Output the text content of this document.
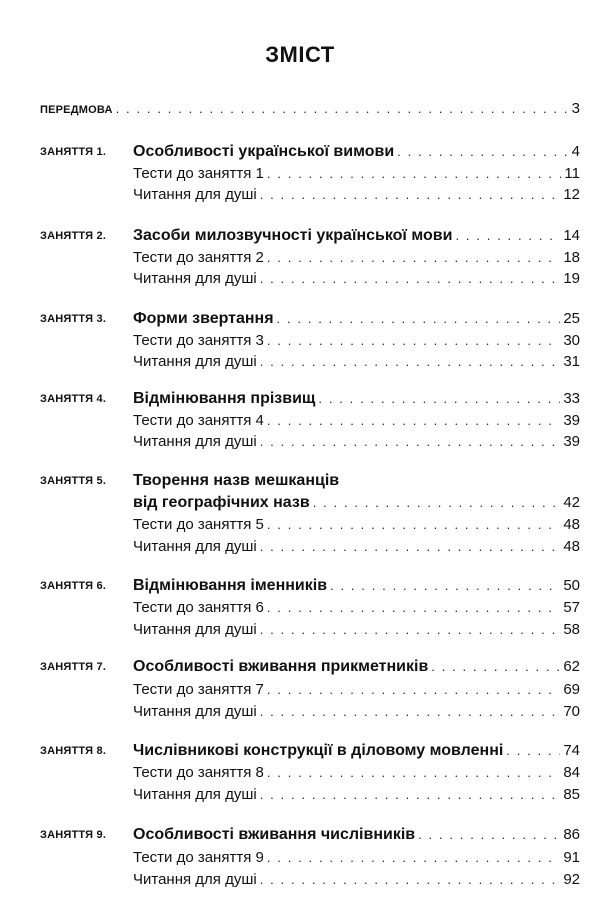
ЗМІСТ
ПЕРЕДМОВА . . .	3
ЗАНЯТТЯ 1. Особливості української вимови . . .	4
Тести до заняття 1 . . .	11
Читання для душі . . .	12
ЗАНЯТТЯ 2. Засоби милозвучності української мови . . .	14
Тести до заняття 2 . . .	18
Читання для душі . . .	19
ЗАНЯТТЯ 3. Форми звертання . . .	25
Тести до заняття 3 . . .	30
Читання для душі . . .	31
ЗАНЯТТЯ 4. Відмінювання прізвищ . . .	33
Тести до заняття 4 . . .	39
Читання для душі . . .	39
ЗАНЯТТЯ 5. Творення назв мешканців
від географічних назв . . .	42
Тести до заняття 5 . . .	48
Читання для душі . . .	48
ЗАНЯТТЯ 6. Відмінювання іменників . . .	50
Тести до заняття 6 . . .	57
Читання для душі . . .	58
ЗАНЯТТЯ 7. Особливості вживання прикметників . . .	62
Тести до заняття 7 . . .	69
Читання для душі . . .	70
ЗАНЯТТЯ 8. Числівникові конструкції в діловому мовленні . . .	74
Тести до заняття 8 . . .	84
Читання для душі . . .	85
ЗАНЯТТЯ 9. Особливості вживання числівників . . .	86
Тести до заняття 9 . . .	91
Читання для душі . . .	92
